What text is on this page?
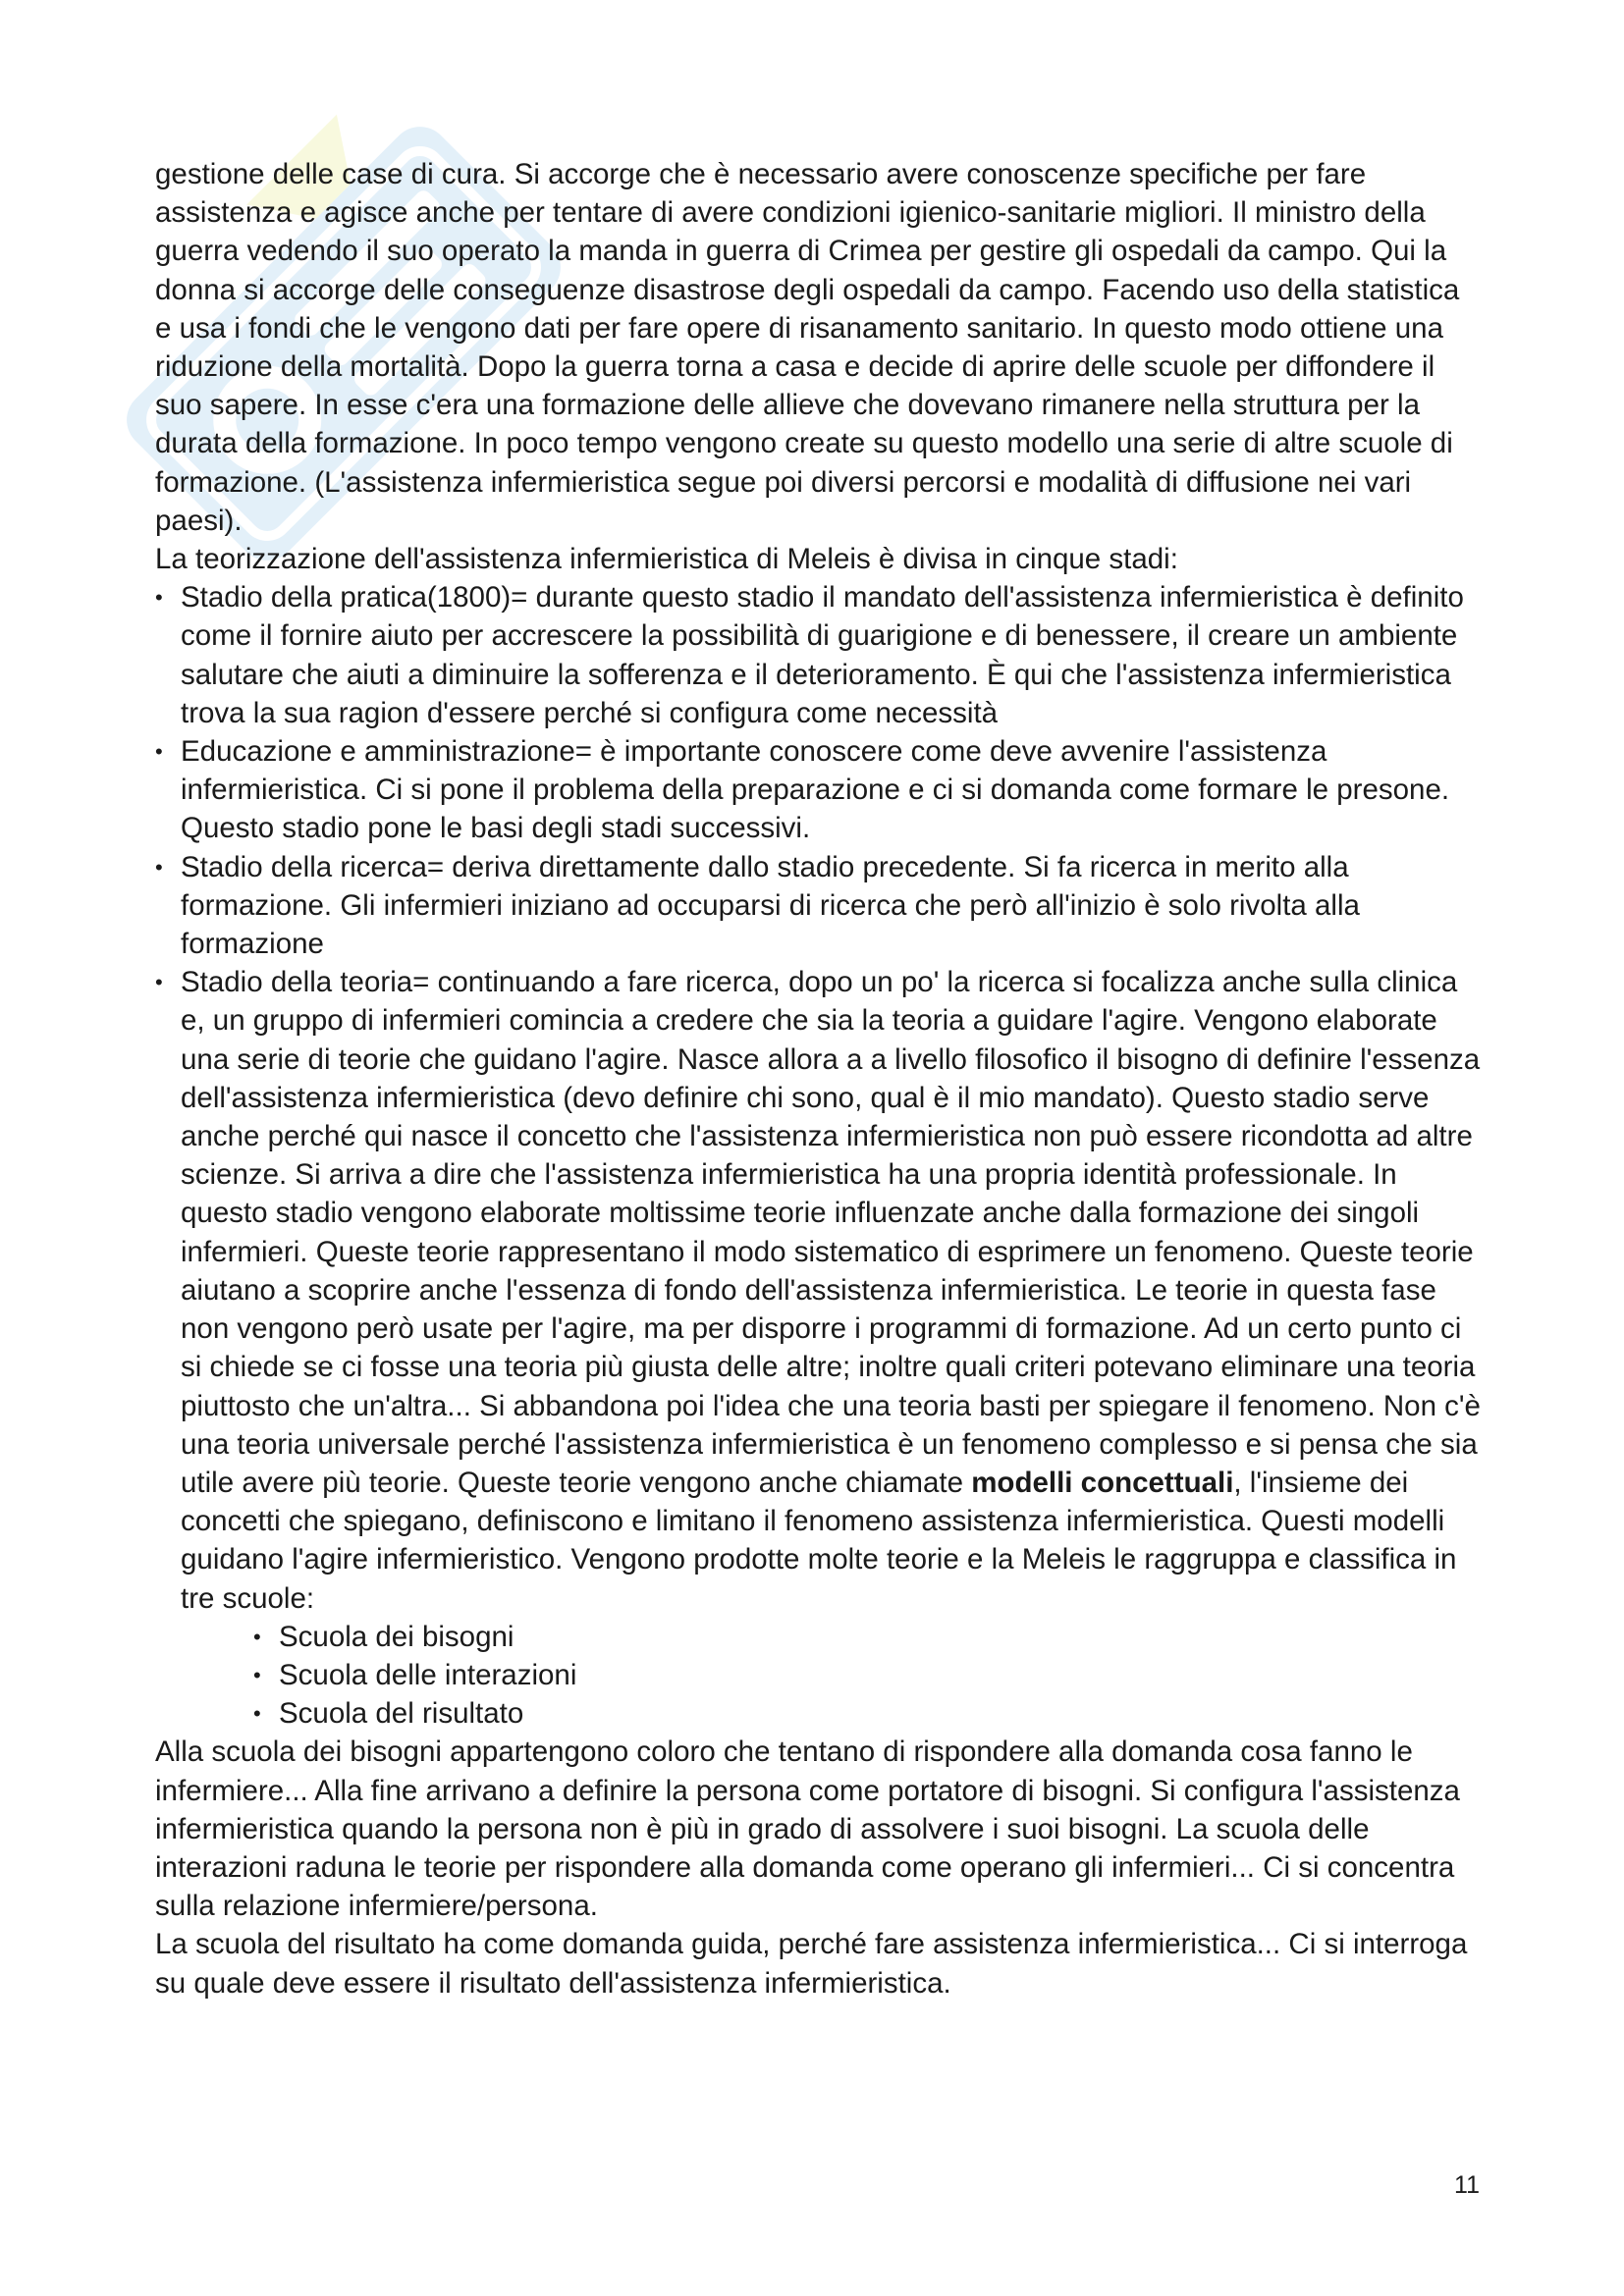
gestione delle case di cura. Si accorge che è necessario avere conoscenze specifiche per fare assistenza e agisce anche per tentare di avere condizioni igienico-sanitarie migliori. Il ministro della guerra vedendo il suo operato la manda in guerra di Crimea per gestire gli ospedali da campo. Qui la donna si accorge delle conseguenze disastrose degli ospedali da campo. Facendo uso della statistica e usa i fondi che le vengono dati per fare opere di risanamento sanitario. In questo modo ottiene una riduzione della mortalità. Dopo la guerra torna a casa e decide di aprire delle scuole per diffondere il suo sapere. In esse c'era una formazione delle allieve che dovevano rimanere nella struttura per la durata della formazione. In poco tempo vengono create su questo modello una serie di altre scuole di formazione. (L'assistenza infermieristica segue poi diversi percorsi e modalità di diffusione nei vari paesi).

La teorizzazione dell'assistenza infermieristica di Meleis è divisa in cinque stadi:

• Stadio della pratica(1800)= durante questo stadio il mandato dell'assistenza infermieristica è definito come il fornire aiuto per accrescere la possibilità di guarigione e di benessere, il creare un ambiente salutare che aiuti a diminuire la sofferenza e il deterioramento. È qui che l'assistenza infermieristica trova la sua ragion d'essere perché si configura come necessità
• Educazione e amministrazione= è importante conoscere come deve avvenire l'assistenza infermieristica. Ci si pone il problema della preparazione e ci si domanda come formare le presone. Questo stadio pone le basi degli stadi successivi.
• Stadio della ricerca= deriva direttamente dallo stadio precedente. Si fa ricerca in merito alla formazione. Gli infermieri iniziano ad occuparsi di ricerca che però all'inizio è solo rivolta alla formazione
• Stadio della teoria= continuando a fare ricerca, dopo un po' la ricerca si focalizza anche sulla clinica e, un gruppo di infermieri comincia a credere che sia la teoria a guidare l'agire. Vengono elaborate una serie di teorie che guidano l'agire. Nasce allora a a livello filosofico il bisogno di definire l'essenza dell'assistenza infermieristica (devo definire chi sono, qual è il mio mandato). Questo stadio serve anche perché qui nasce il concetto che l'assistenza infermieristica non può essere ricondotta ad altre scienze. Si arriva a dire che l'assistenza infermieristica ha una propria identità professionale. In questo stadio vengono elaborate moltissime teorie influenzate anche dalla formazione dei singoli infermieri. Queste teorie rappresentano il modo sistematico di esprimere un fenomeno. Queste teorie aiutano a scoprire anche l'essenza di fondo dell'assistenza infermieristica. Le teorie in questa fase non vengono però usate per l'agire, ma per disporre i programmi di formazione. Ad un certo punto ci si chiede se ci fosse una teoria più giusta delle altre; inoltre quali criteri potevano eliminare una teoria piuttosto che un'altra... Si abbandona poi l'idea che una teoria basti per spiegare il fenomeno. Non c'è una teoria universale perché l'assistenza infermieristica è un fenomeno complesso e si pensa che sia utile avere più teorie. Queste teorie vengono anche chiamate modelli concettuali, l'insieme dei concetti che spiegano, definiscono e limitano il fenomeno assistenza infermieristica. Questi modelli guidano l'agire infermieristico. Vengono prodotte molte teorie e la Meleis le raggruppa e classifica in tre scuole:
• Scuola dei bisogni
• Scuola delle interazioni
• Scuola del risultato

Alla scuola dei bisogni appartengono coloro che tentano di rispondere alla domanda cosa fanno le infermiere... Alla fine arrivano a definire la persona come portatore di bisogni. Si configura l'assistenza infermieristica quando la persona non è più in grado di assolvere i suoi bisogni. La scuola delle interazioni raduna le teorie per rispondere alla domanda come operano gli infermieri... Ci si concentra sulla relazione infermiere/persona.

La scuola del risultato ha come domanda guida, perché fare assistenza infermieristica... Ci si interroga su quale deve essere il risultato dell'assistenza infermieristica.

11
